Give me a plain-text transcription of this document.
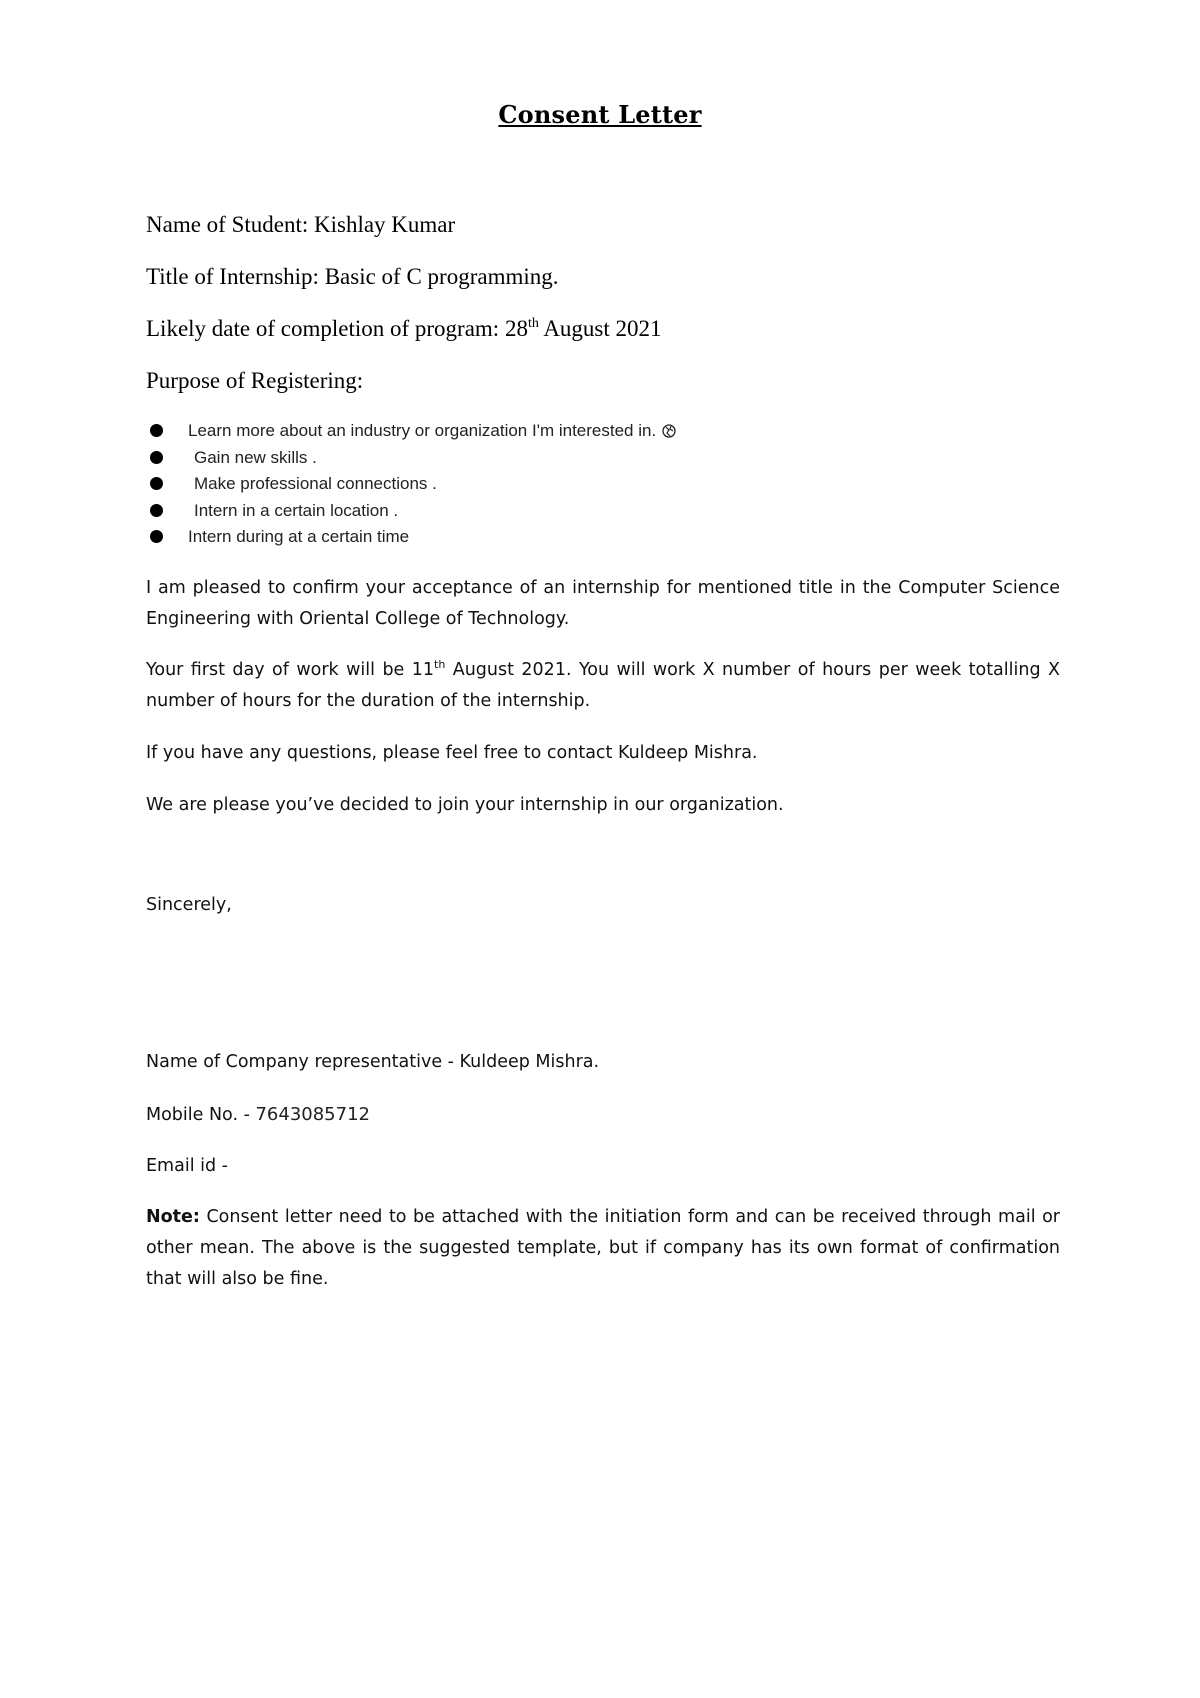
Consent Letter
Name of Student: Kishlay Kumar
Title of Internship: Basic of C programming.
Likely date of completion of program: 28th August 2021
Purpose of Registering:
Learn more about an industry or organization I'm interested in.
Gain new skills .
Make professional connections .
Intern in a certain location .
Intern during at a certain time

I am pleased to confirm your acceptance of an internship for mentioned title in the Computer Science Engineering with Oriental College of Technology.

Your first day of work will be 11th August 2021. You will work X number of hours per week totalling X number of hours for the duration of the internship.

If you have any questions, please feel free to contact Kuldeep Mishra.

We are please you’ve decided to join your internship in our organization.

Sincerely,
Name of Company representative - Kuldeep Mishra.
Mobile No. - 7643085712
Email id -

Note: Consent letter need to be attached with the initiation form and can be received through mail or other mean. The above is the suggested template, but if company has its own format of confirmation that will also be fine.
